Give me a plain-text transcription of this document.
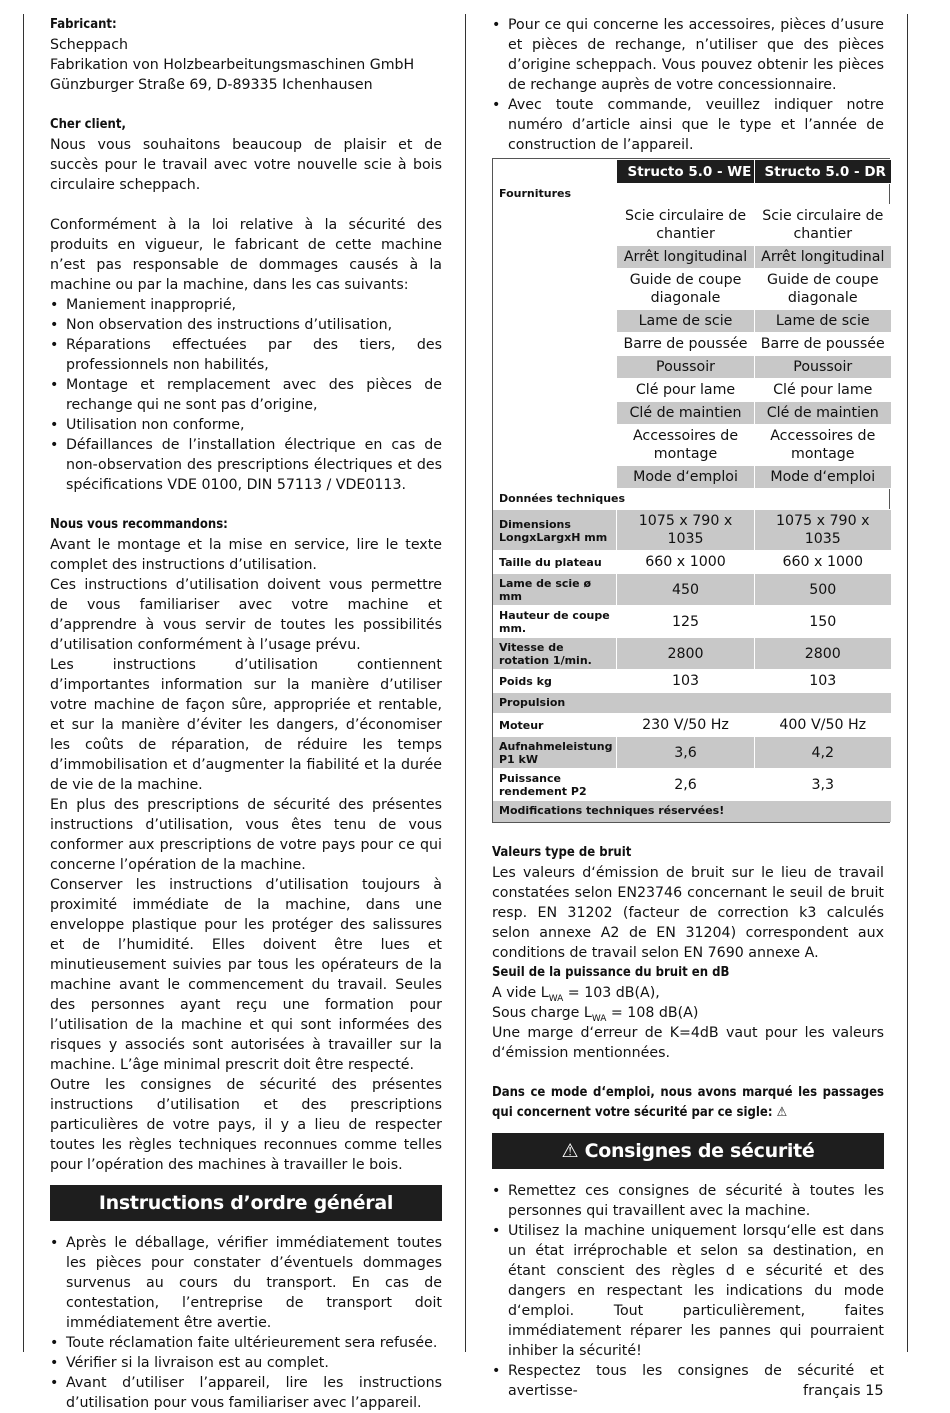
Fabricant:

Scheppach

Fabrikation von Holzbearbeitungsmaschinen GmbH

Günzburger Straße 69, D-89335 Ichenhausen

Cher client,

Nous vous souhaitons beaucoup de plaisir et de succès pour le travail avec votre nouvelle scie à bois circulaire scheppach.

Conformément à la loi relative à la sécurité des produits en vigueur, le fabricant de cette machine n’est pas responsable de dommages causés à la machine ou par la machine, dans les cas suivants:

• Maniement inapproprié,
• Non observation des instructions d’utilisation,
• Réparations effectuées par des tiers, des professionnels non habilités,
• Montage et remplacement avec des pièces de rechange qui ne sont pas d’origine,
• Utilisation non conforme,
• Défaillances de l’installation électrique en cas de non-observation des prescriptions électriques et des spécifications VDE 0100, DIN 57113 / VDE0113.

Nous vous recommandons:

Avant le montage et la mise en service, lire le texte complet des instructions d’utilisation.

Ces instructions d’utilisation doivent vous permettre de vous familiariser avec votre machine et d’apprendre à vous servir de toutes les possibilités d’utilisation conformément à l’usage prévu.

Les instructions d’utilisation contiennent d’importantes information sur la manière d’utiliser votre machine de façon sûre, appropriée et rentable, et sur la manière d’éviter les dangers, d’économiser les coûts de réparation, de réduire les temps d’immobilisation et d’augmenter la fiabilité et la durée de vie de la machine.

En plus des prescriptions de sécurité des présentes instructions d’utilisation, vous êtes tenu de vous conformer aux prescriptions de votre pays pour ce qui concerne l’opération de la machine.

Conserver les instructions d’utilisation toujours à proximité immédiate de la machine, dans une enveloppe plastique pour les protéger des salissures et de l’humidité. Elles doivent être lues et minutieusement suivies par tous les opérateurs de la machine avant le commencement du travail. Seules des personnes ayant reçu une formation pour l’utilisation de la machine et qui sont informées des risques y associés sont autorisées à travailler sur la machine. L’âge minimal prescrit doit être respecté.

Outre les consignes de sécurité des présentes instructions d’utilisation et des prescriptions particulières de votre pays, il y a lieu de respecter toutes les règles techniques reconnues comme telles pour l’opération des machines à travailler le bois.

Instructions d’ordre général
• Après le déballage, vérifier immédiatement toutes les pièces pour constater d’éventuels dommages survenus au cours du transport. En cas de contestation, l’entreprise de transport doit immédiatement être avertie.
• Toute réclamation faite ultérieurement sera refusée.
• Vérifier si la livraison est au complet.
• Avant d’utiliser l’appareil, lire les instructions d’utilisation pour vous familiariser avec l’appareil.
• Pour ce qui concerne les accessoires, pièces d’usure et pièces de rechange, n’utiliser que des pièces d’origine scheppach. Vous pouvez obtenir les pièces de rechange auprès de votre concessionnaire.
• Avec toute commande, veuillez indiquer notre numéro d’article ainsi que le type et l’année de construction de l’appareil.
	Structo 5.0 - WE	Structo 5.0 - DR
Fournitures		
	Scie circulaire de chantier	Scie circulaire de chantier
	Arrêt longitudinal	Arrêt longitudinal
	Guide de coupe diagonale	Guide de coupe diagonale
	Lame de scie	Lame de scie
	Barre de poussée	Barre de poussée
	Poussoir	Poussoir
	Clé pour lame	Clé pour lame
	Clé de maintien	Clé de maintien
	Accessoires de montage	Accessoires de montage
	Mode d‘emploi	Mode d‘emploi
Données techniques		
Dimensions LongxLargxH mm	1075 x 790 x 1035	1075 x 790 x 1035
Taille du plateau	660 x 1000	660 x 1000
Lame de scie ø mm	450	500
Hauteur de coupe mm.	125	150
Vitesse de rotation 1/min.	2800	2800
Poids kg	103	103
Propulsion		
Moteur	230 V/50 Hz	400 V/50 Hz
Aufnahmeleistung P1 kW	3,6	4,2
Puissance rendement P2	2,6	3,3
Modifications techniques réservées!		

Valeurs type de bruit

Les valeurs d‘émission de bruit sur le lieu de travail constatées selon EN23746 concernant le seuil de bruit resp. EN 31202 (facteur de correction k3 calculés selon annexe A2 de EN 31204) correspondent aux conditions de travail selon EN 7690 annexe A.

Seuil de la puissance du bruit en dB

A vide $L_{WA} = 103$ dB(A),

Sous charge $L_{WA} = 108$ dB(A)

Une marge d‘erreur de K=4dB vaut pour les valeurs d‘émission mentionnées.

Dans ce mode d‘emploi, nous avons marqué les passages qui concernent votre sécurité par ce sigle: ⚠

⚠ Consignes de sécurité
• Remettez ces consignes de sécurité à toutes les personnes qui travaillent avec la machine.
• Utilisez la machine uniquement lorsqu‘elle est dans un état irréprochable et selon sa destination, en étant conscient des règles d e sécurité et des dangers en respectant les indications du mode d‘emploi. Tout particulièrement, faites immédiatement réparer les pannes qui pourraient inhiber la sécurité!
• Respectez tous les consignes de sécurité et avertisse-	français 15
